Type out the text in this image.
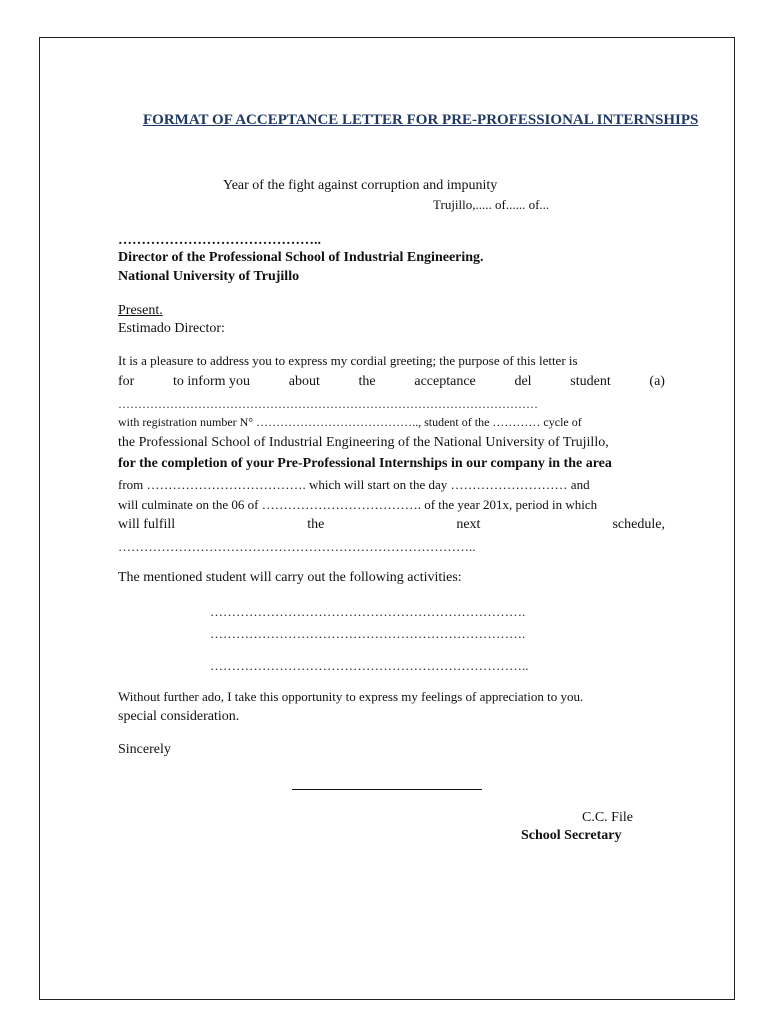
FORMAT OF ACCEPTANCE LETTER FOR PRE-PROFESSIONAL INTERNSHIPS
Year of the fight against corruption and impunity
Trujillo,..... of...... of...
……………………………………..
Director of the Professional School of Industrial Engineering.
National University of Trujillo
Present.
Estimado Director:
It is a pleasure to address you to express my cordial greeting; the purpose of this letter is
for	to inform you	about	the	acceptance	del	student	(a)
……………………………………………………………………………………………
with registration number N° ………………………………….., student of the ………… cycle of
the Professional School of Industrial Engineering of the National University of Trujillo,
for the completion of your Pre-Professional Internships in our company in the area
from ………………………………. which will start on the day ……………………… and
will culminate on the 06 of ………………………………. of the year 201x, period in which
will fulfill	the	next	schedule,
………………………………………………………………………..
The mentioned student will carry out the following activities:
……………………………………………………………….
……………………………………………………………….
………………………………………………………………..
Without further ado, I take this opportunity to express my feelings of appreciation to you.
special consideration.
Sincerely
C.C. File
School Secretary
